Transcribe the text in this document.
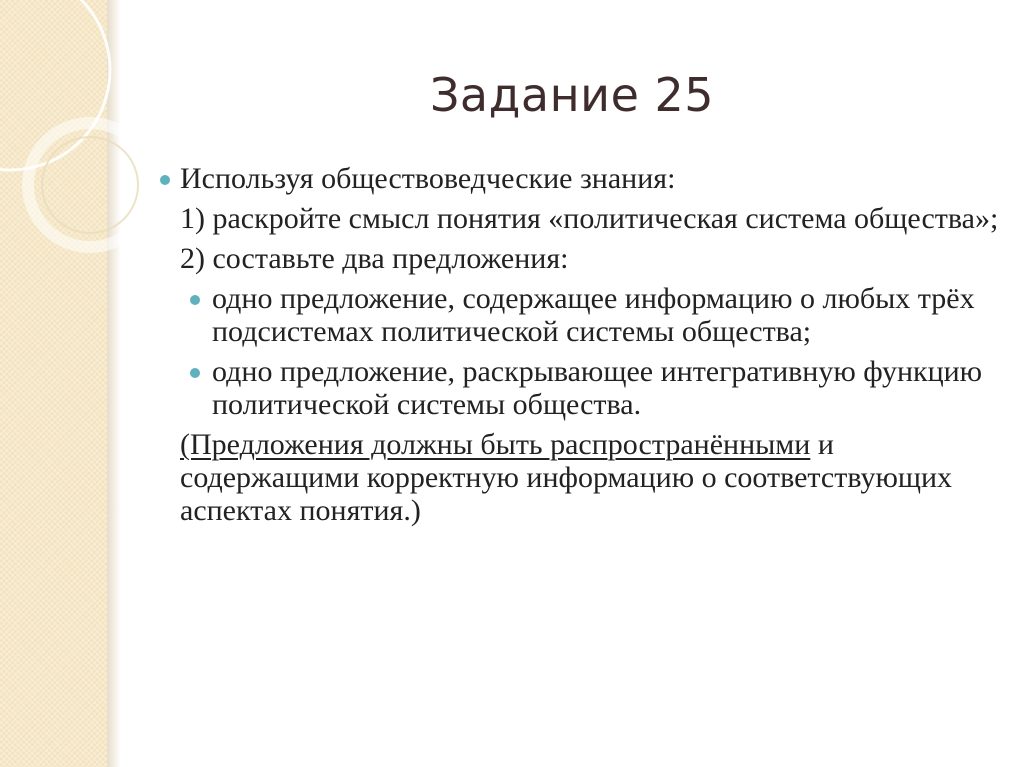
Задание 25
Используя обществоведческие знания:
1) раскройте смысл понятия «политическая система общества»;
2) составьте два предложения:
одно предложение, содержащее информацию о любых трёх подсистемах политической системы общества;
одно предложение, раскрывающее интегративную функцию политической системы общества.
(Предложения должны быть распространёнными и содержащими корректную информацию о соответствующих аспектах понятия.)
